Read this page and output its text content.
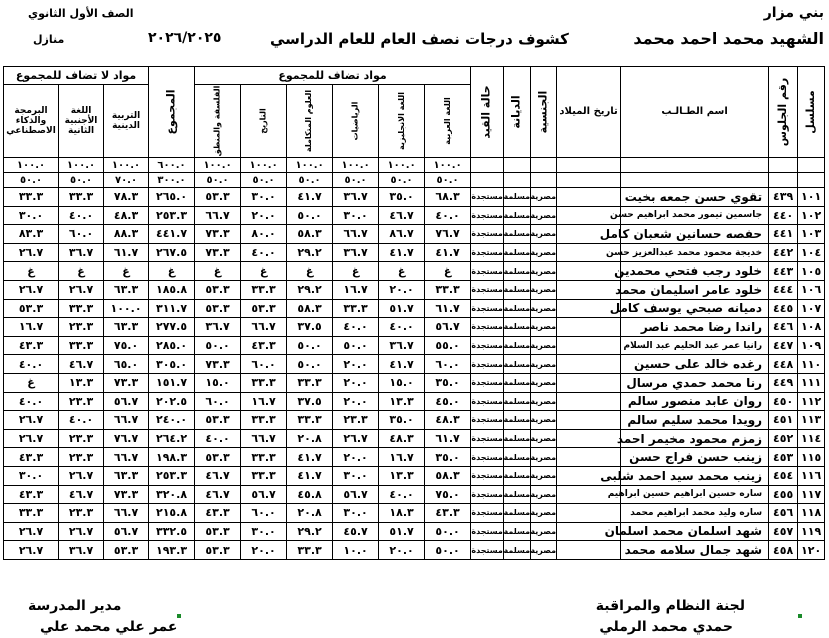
بني مزار
الشهيد محمد احمد محمد
كشوف درجات نصف العام للعام الدراسي
٢٠٢٦/٢٠٢٥
الصف الأول الثانوي
منازل
مسلسل	رقم الجلوس	اسم الطـالـب	تاريخ الميلاد	الجنسية	الديانة	حالة القيد	مواد تضاف للمجموع						المجموع	مواد لا تضاف للمجموع		

							اللغة العربية	اللغة الانجليزية	الرياضيات	العلوم المتكاملة	التاريخ	الفلسفة والمنطق		التربية الدينية	اللغة الأجنبية الثانية	البرمجة والذكاء الاصطناعي
							١٠٠.٠	١٠٠.٠	١٠٠.٠	١٠٠.٠	١٠٠.٠	١٠٠.٠	٦٠٠.٠	١٠٠.٠	١٠٠.٠	١٠٠.٠
							٥٠.٠	٥٠.٠	٥٠.٠	٥٠.٠	٥٠.٠	٥٠.٠	٣٠٠.٠	٧٠.٠	٥٠.٠	٥٠.٠
١٠١	٤٣٩	تقوي حسن جمعه بخيت		مصرية	مسلمة	مستجدة	٦٨.٣	٣٥.٠	٣٦.٧	٤١.٧	٣٠.٠	٥٣.٣	٢٦٥.٠	٧٨.٣	٣٣.٣	٣٣.٣
١٠٢	٤٤٠	جاسمين تيمور محمد ابراهيم حسن		مصرية	مسلمة	مستجدة	٤٠.٠	٤٦.٧	٣٠.٠	٥٠.٠	٢٠.٠	٦٦.٧	٢٥٣.٣	٤٨.٣	٤٠.٠	٣٠.٠
١٠٣	٤٤١	حفصه حسانين شعبان كامل		مصرية	مسلمة	مستجدة	٧٦.٧	٨٦.٧	٦٦.٧	٥٨.٣	٨٠.٠	٧٣.٣	٤٤١.٧	٨٨.٣	٦٠.٠	٨٣.٣
١٠٤	٤٤٢	خديجة محمود محمد عبدالعزيز حسن		مصرية	مسلمة	مستجدة	٤١.٧	٤١.٧	٣٦.٧	٢٩.٢	٤٠.٠	٧٣.٣	٢٦٧.٥	٦١.٧	٣٦.٧	٢٦.٧
١٠٥	٤٤٣	خلود رجب فتحي محمدين		مصرية	مسلمة	مستجدة	غ	غ	غ	غ	غ	غ	غ	غ	غ	غ
١٠٦	٤٤٤	خلود عامر اسليمان محمد		مصرية	مسلمة	مستجدة	٣٣.٣	٢٠.٠	١٦.٧	٢٩.٢	٣٣.٣	٥٣.٣	١٨٥.٨	٦٣.٣	٢٦.٧	٢٦.٧
١٠٧	٤٤٥	دميانه صبحي يوسف كامل		مصرية	مسلمة	مستجدة	٦١.٧	٥١.٧	٣٣.٣	٥٨.٣	٥٣.٣	٥٣.٣	٣١١.٧	١٠٠.٠	٣٣.٣	٥٣.٣
١٠٨	٤٤٦	راندا رضا محمد ناصر		مصرية	مسلمة	مستجدة	٥٦.٧	٤٠.٠	٤٠.٠	٣٧.٥	٦٦.٧	٣٦.٧	٢٧٧.٥	٦٣.٣	٢٣.٣	١٦.٧
١٠٩	٤٤٧	رانيا عمر عبد الحليم عبد السلام		مصرية	مسلمة	مستجدة	٥٥.٠	٣٦.٧	٥٠.٠	٥٠.٠	٤٣.٣	٥٠.٠	٢٨٥.٠	٧٥.٠	٣٣.٣	٤٣.٣
١١٠	٤٤٨	رغده خالد على حسين		مصرية	مسلمة	مستجدة	٦٠.٠	٤١.٧	٢٠.٠	٥٠.٠	٦٠.٠	٧٣.٣	٣٠٥.٠	٦٥.٠	٤٦.٧	٤٠.٠
١١١	٤٤٩	رنا محمد حمدي مرسال		مصرية	مسلمة	مستجدة	٣٥.٠	١٥.٠	٢٠.٠	٣٣.٣	٣٣.٣	١٥.٠	١٥١.٧	٧٣.٣	١٣.٣	غ
١١٢	٤٥٠	روان عابد منصور سالم		مصرية	مسلمة	مستجدة	٤٥.٠	١٣.٣	٢٠.٠	٣٧.٥	١٦.٧	٦٠.٠	٢٠٢.٥	٥٦.٧	٢٣.٣	٤٠.٠
١١٣	٤٥١	رويدا محمد سليم سالم		مصرية	مسلمة	مستجدة	٤٨.٣	٣٥.٠	٢٣.٣	٣٣.٣	٣٣.٣	٥٣.٣	٢٤٠.٠	٦٦.٧	٤٠.٠	٢٦.٧
١١٤	٤٥٢	زمزم محمود مخيمر احمد		مصرية	مسلمة	مستجدة	٦١.٧	٤٨.٣	٢٦.٧	٢٠.٨	٦٦.٧	٤٠.٠	٢٦٤.٢	٧٦.٧	٢٣.٣	٢٦.٧
١١٥	٤٥٣	زينب حسن فراج حسن		مصرية	مسلمة	مستجدة	٣٥.٠	١٦.٧	٢٠.٠	٤١.٧	٣٣.٣	٥٣.٣	١٩٨.٣	٦٦.٧	٢٣.٣	٤٣.٣
١١٦	٤٥٤	زينب محمد سيد احمد شلبى		مصرية	مسلمة	مستجدة	٥٨.٣	١٣.٣	٣٠.٠	٤١.٧	٣٣.٣	٤٦.٧	٢٥٣.٣	٦٣.٣	٢٦.٧	٣٠.٠
١١٧	٤٥٥	ساره حسين ابراهيم حسين ابراهيم		مصرية	مسلمة	مستجدة	٧٥.٠	٤٠.٠	٥٦.٧	٤٥.٨	٥٦.٧	٤٦.٧	٣٢٠.٨	٧٣.٣	٤٦.٧	٤٣.٣
١١٨	٤٥٦	ساره وليد محمد ابراهيم محمد		مصرية	مسلمة	مستجدة	٤٣.٣	١٨.٣	٣٠.٠	٢٠.٨	٦٠.٠	٤٣.٣	٢١٥.٨	٦٦.٧	٢٣.٣	٣٣.٣
١١٩	٤٥٧	شهد اسلمان محمد اسلمان		مصرية	مسلمة	مستجدة	٥٠.٠	٥١.٧	٤٥.٧	٢٩.٢	٣٠.٠	٥٣.٣	٣٣٢.٥	٥٦.٧	٢٦.٧	٢٦.٧
١٢٠	٤٥٨	شهد جمال سلامه محمد		مصرية	مسلمة	مستجدة	٥٠.٠	٢٠.٠	١٠.٠	٣٣.٣	٢٠.٠	٥٣.٣	١٩٣.٣	٥٣.٣	٣٦.٧	٢٦.٧
لجنة النظام والمراقبة
حمدي محمد الرملي
مدير المدرسة
عمر علي محمد علي
